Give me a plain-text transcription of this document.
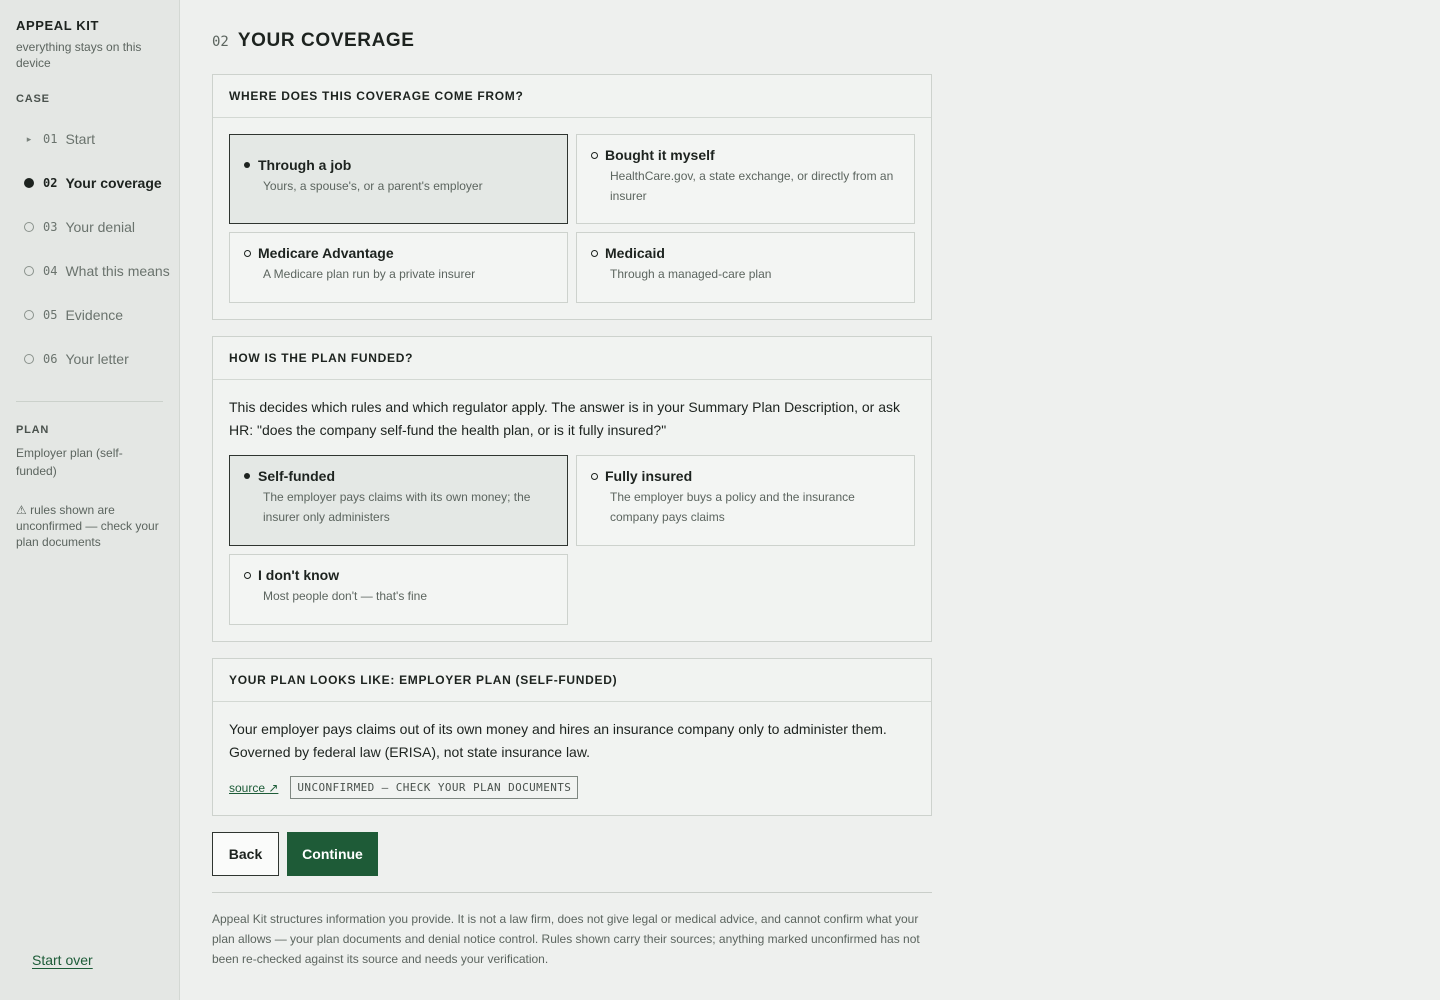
APPEAL KIT
everything stays on this device
CASE
▸ 01 Start
02 Your coverage
03 Your denial
04 What this means
05 Evidence
06 Your letter
PLAN
Employer plan (self-funded)
⚠ rules shown are unconfirmed — check your plan documents
Start over
02 YOUR COVERAGE
WHERE DOES THIS COVERAGE COME FROM?
Through a job
Yours, a spouse's, or a parent's employer
Bought it myself
HealthCare.gov, a state exchange, or directly from an insurer
Medicare Advantage
A Medicare plan run by a private insurer
Medicaid
Through a managed-care plan
HOW IS THE PLAN FUNDED?

This decides which rules and which regulator apply. The answer is in your Summary Plan Description, or ask HR: "does the company self-fund the health plan, or is it fully insured?"

Self-funded
The employer pays claims with its own money; the insurer only administers
Fully insured
The employer buys a policy and the insurance company pays claims
I don't know
Most people don't — that's fine
YOUR PLAN LOOKS LIKE: EMPLOYER PLAN (SELF-FUNDED)

Your employer pays claims out of its own money and hires an insurance company only to administer them. Governed by federal law (ERISA), not state insurance law.

source ↗	UNCONFIRMED — CHECK YOUR PLAN DOCUMENTS
Back	Continue

Appeal Kit structures information you provide. It is not a law firm, does not give legal or medical advice, and cannot confirm what your plan allows — your plan documents and denial notice control. Rules shown carry their sources; anything marked unconfirmed has not been re-checked against its source and needs your verification.
